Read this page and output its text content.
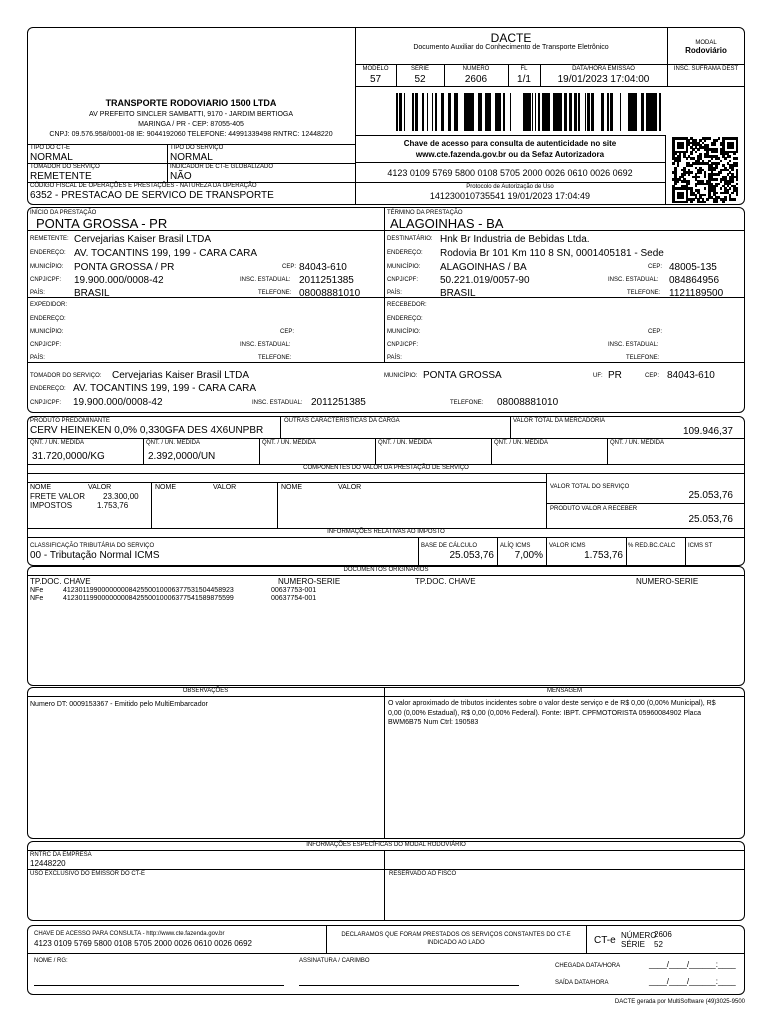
DACTE
Documento Auxiliar do Conhecimento de Transporte Eletrônico
MODAL
Rodoviário
MODELO
57
SÉRIE
52
NÚMERO
2606
FL
1/1
DATA/HORA EMISSÃO
19/01/2023 17:04:00
INSC. SUFRAMA DEST
Chave de acesso para consulta de autenticidade no site
www.cte.fazenda.gov.br ou da Sefaz Autorizadora
4123 0109 5769 5800 0108 5705 2000 0026 0610 0026 0692
Protocolo de Autorização de Uso
141230010735541 19/01/2023 17:04:49
TRANSPORTE RODOVIARIO 1500 LTDA
AV PREFEITO SINCLER SAMBATTI, 9170 - JARDIM BERTIOGA
MARINGA / PR - CEP: 87055-405
CNPJ: 09.576.958/0001-08 IE: 9044192060 TELEFONE: 44991339498 RNTRC: 12448220
TIPO DO CT-E
NORMAL
TIPO DO SERVIÇO
NORMAL
TOMADOR DO SERVIÇO
REMETENTE
INDICADOR DE CT-E GLOBALIZADO
NÃO
CÓDIGO FISCAL DE OPERAÇÕES E PRESTAÇÕES - NATUREZA DA OPERAÇÃO
6352 - PRESTACAO DE SERVICO DE TRANSPORTE
INÍCIO DA PRESTAÇÃO
PONTA GROSSA - PR
TÉRMINO DA PRESTAÇÃO
ALAGOINHAS - BA
REMETENTE: Cervejarias Kaiser Brasil LTDA
ENDEREÇO: AV. TOCANTINS 199, 199 - CARA CARA
MUNICÍPIO: PONTA GROSSA / PR	CEP: 84043-610
CNPJ/CPF: 19.900.000/0008-42	INSC. ESTADUAL: 2011251385
PAÍS:	BRASIL	TELEFONE: 08008881010
DESTINATÁRIO: Hnk Br Industria de Bebidas Ltda.
ENDEREÇO: Rodovia Br 101 Km 110 8 SN, 0001405181 - Sede
MUNICÍPIO: ALAGOINHAS / BA	CEP: 48005-135
CNPJ/CPF: 50.221.019/0057-90	INSC. ESTADUAL: 084864956
PAÍS:	BRASIL	TELEFONE: 1121189500
EXPEDIDOR:
ENDEREÇO:
MUNICÍPIO:	CEP:
CNPJ/CPF:	INSC. ESTADUAL:
PAÍS:	TELEFONE:
RECEBEDOR:
ENDEREÇO:
MUNICÍPIO:	CEP:
CNPJ/CPF:	INSC. ESTADUAL:
PAÍS:	TELEFONE:
TOMADOR DO SERVIÇO: Cervejarias Kaiser Brasil LTDA	MUNICÍPIO: PONTA GROSSA	UF: PR	CEP: 84043-610
ENDEREÇO: AV. TOCANTINS 199, 199 - CARA CARA
CNPJ/CPF: 19.900.000/0008-42	INSC. ESTADUAL: 2011251385	TELEFONE: 08008881010
PRODUTO PREDOMINANTE
CERV HEINEKEN 0,0% 0,330GFA DES 4X6UNPBR
OUTRAS CARACTERÍSTICAS DA CARGA	VALOR TOTAL DA MERCADORIA
109.946,37
QNT. / UN. MEDIDA
31.720,0000/KG
QNT. / UN. MEDIDA
2.392,0000/UN
QNT. / UN. MEDIDA	QNT. / UN. MEDIDA	QNT. / UN. MEDIDA	QNT. / UN. MEDIDA
COMPONENTES DO VALOR DA PRESTAÇÃO DE SERVIÇO
NOME	VALOR	NOME	VALOR	NOME	VALOR
FRETE VALOR 23.300,00
IMPOSTOS	1.753,76
VALOR TOTAL DO SERVIÇO
25.053,76
PRODUTO VALOR A RECEBER
25.053,76
INFORMAÇÕES RELATIVAS AO IMPOSTO
CLASSIFICAÇÃO TRIBUTÁRIA DO SERVIÇO
00 - Tributação Normal ICMS
BASE DE CÁLCULO
25.053,76
ALÍQ ICMS
7,00%
VALOR ICMS
1.753,76
% RED.BC.CALC ICMS ST
DOCUMENTOS ORIGINÁRIOS
TP.DOC. CHAVE	NUMERO-SERIE	TP.DOC. CHAVE	NUMERO-SERIE
NFe	41230119900000000842550010006377531504458923	00637753-001
NFe	41230119900000000842550010006377541589875599	00637754-001
OBSERVAÇÕES	MENSAGEM
Numero DT: 0009153367 - Emitido pelo MultiEmbarcador	O valor aproximado de tributos incidentes sobre o valor deste serviço e de R$ 0,00 (0,00% Municipal), R$ 0,00 (0,00% Estadual), R$ 0,00 (0,00% Federal). Fonte: IBPT. CPFMOTORISTA 05960084902 Placa BWM6B75 Num Ctrl: 190583
INFORMAÇÕES ESPECÍFICAS DO MODAL RODOVIÁRIO
RNTRC DA EMPRESA
12448220
USO EXCLUSIVO DO EMISSOR DO CT-E	RESERVADO AO FISCO
CHAVE DE ACESSO PARA CONSULTA - http://www.cte.fazenda.gov.br
4123 0109 5769 5800 0108 5705 2000 0026 0610 0026 0692
DECLARAMOS QUE FORAM PRESTADOS OS SERVIÇOS CONSTANTES DO CT-E INDICADO AO LADO	CT-e NÚMERO
2606
SÉRIE 52
NOME / RG:	ASSINATURA / CARIMBO
CHEGADA DATA/HORA	____/____/______:____
SAÍDA DATA/HORA	____/____/______:____
DACTE gerada por MultiSoftware (49)3025-9500
